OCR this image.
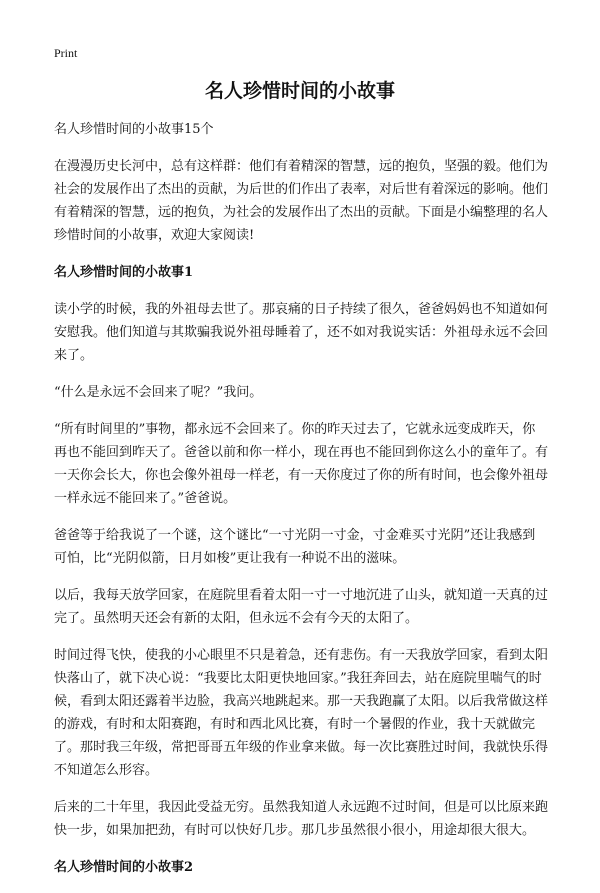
Print
名人珍惜时间的小故事

名人珍惜时间的小故事15个

在漫漫历史长河中，总有这样群：他们有着精深的智慧，远的抱负，坚强的毅。他们为社会的发展作出了杰出的贡献，为后世的们作出了表率，对后世有着深远的影响。他们有着精深的智慧，远的抱负，为社会的发展作出了杰出的贡献。下面是小编整理的名人珍惜时间的小故事，欢迎大家阅读!

名人珍惜时间的小故事1

读小学的时候，我的外祖母去世了。那哀痛的日子持续了很久，爸爸妈妈也不知道如何安慰我。他们知道与其欺骗我说外祖母睡着了，还不如对我说实话：外祖母永远不会回来了。

“什么是永远不会回来了呢？”我问。

“所有时间里的”事物，都永远不会回来了。你的昨天过去了，它就永远变成昨天，你再也不能回到昨天了。爸爸以前和你一样小，现在再也不能回到你这么小的童年了。有一天你会长大，你也会像外祖母一样老，有一天你度过了你的所有时间，也会像外祖母一样永远不能回来了。”爸爸说。

爸爸等于给我说了一个谜，这个谜比“一寸光阴一寸金，寸金难买寸光阴”还让我感到可怕，比“光阴似箭，日月如梭”更让我有一种说不出的滋味。

以后，我每天放学回家，在庭院里看着太阳一寸一寸地沉进了山头，就知道一天真的过完了。虽然明天还会有新的太阳，但永远不会有今天的太阳了。

时间过得飞快，使我的小心眼里不只是着急，还有悲伤。有一天我放学回家，看到太阳快落山了，就下决心说：“我要比太阳更快地回家。”我狂奔回去，站在庭院里喘气的时候，看到太阳还露着半边脸，我高兴地跳起来。那一天我跑赢了太阳。以后我常做这样的游戏，有时和太阳赛跑，有时和西北风比赛，有时一个暑假的作业，我十天就做完了。那时我三年级，常把哥哥五年级的作业拿来做。每一次比赛胜过时间，我就快乐得不知道怎么形容。

后来的二十年里，我因此受益无穷。虽然我知道人永远跑不过时间，但是可以比原来跑快一步，如果加把劲，有时可以快好几步。那几步虽然很小很小，用途却很大很大。

名人珍惜时间的小故事2
